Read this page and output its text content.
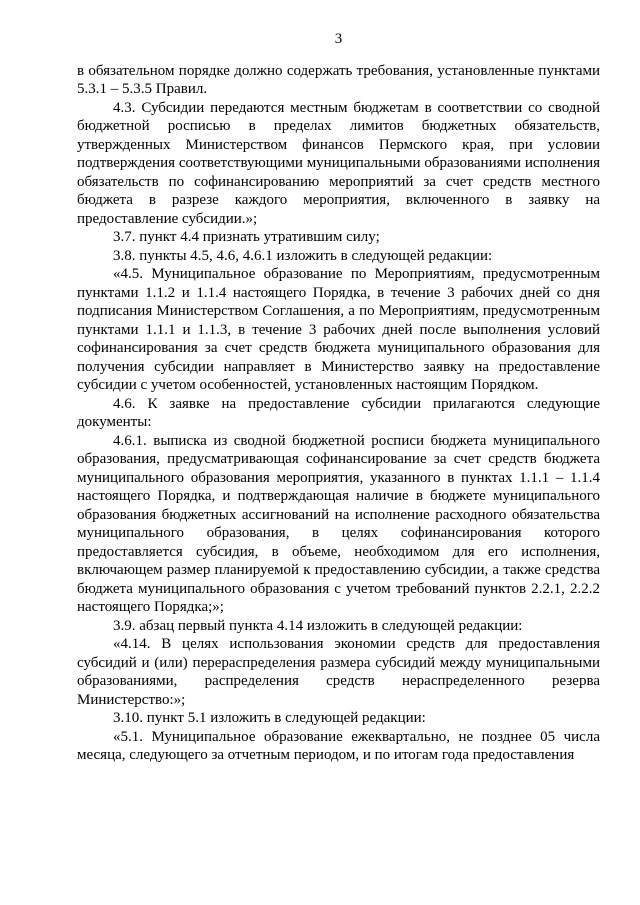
3

в обязательном порядке должно содержать требования, установленные пунктами 5.3.1 – 5.3.5 Правил.

4.3. Субсидии передаются местным бюджетам в соответствии со сводной бюджетной росписью в пределах лимитов бюджетных обязательств, утвержденных Министерством финансов Пермского края, при условии подтверждения соответствующими муниципальными образованиями исполнения обязательств по софинансированию мероприятий за счет средств местного бюджета в разрезе каждого мероприятия, включенного в заявку на предоставление субсидии.»;

3.7. пункт 4.4 признать утратившим силу;

3.8. пункты 4.5, 4.6, 4.6.1 изложить в следующей редакции:

«4.5. Муниципальное образование по Мероприятиям, предусмотренным пунктами 1.1.2 и 1.1.4 настоящего Порядка, в течение 3 рабочих дней со дня подписания Министерством Соглашения, а по Мероприятиям, предусмотренным пунктами 1.1.1 и 1.1.3, в течение 3 рабочих дней после выполнения условий софинансирования за счет средств бюджета муниципального образования для получения субсидии направляет в Министерство заявку на предоставление субсидии с учетом особенностей, установленных настоящим Порядком.

4.6. К заявке на предоставление субсидии прилагаются следующие документы:

4.6.1. выписка из сводной бюджетной росписи бюджета муниципального образования, предусматривающая софинансирование за счет средств бюджета муниципального образования мероприятия, указанного в пунктах 1.1.1 – 1.1.4 настоящего Порядка, и подтверждающая наличие в бюджете муниципального образования бюджетных ассигнований на исполнение расходного обязательства муниципального образования, в целях софинансирования которого предоставляется субсидия, в объеме, необходимом для его исполнения, включающем размер планируемой к предоставлению субсидии, а также средства бюджета муниципального образования с учетом требований пунктов 2.2.1, 2.2.2 настоящего Порядка;»;

3.9. абзац первый пункта 4.14 изложить в следующей редакции:

«4.14. В целях использования экономии средств для предоставления субсидий и (или) перераспределения размера субсидий между муниципальными образованиями, распределения средств нераспределенного резерва Министерство:»;

3.10. пункт 5.1 изложить в следующей редакции:

«5.1. Муниципальное образование ежеквартально, не позднее 05 числа месяца, следующего за отчетным периодом, и по итогам года предоставления
